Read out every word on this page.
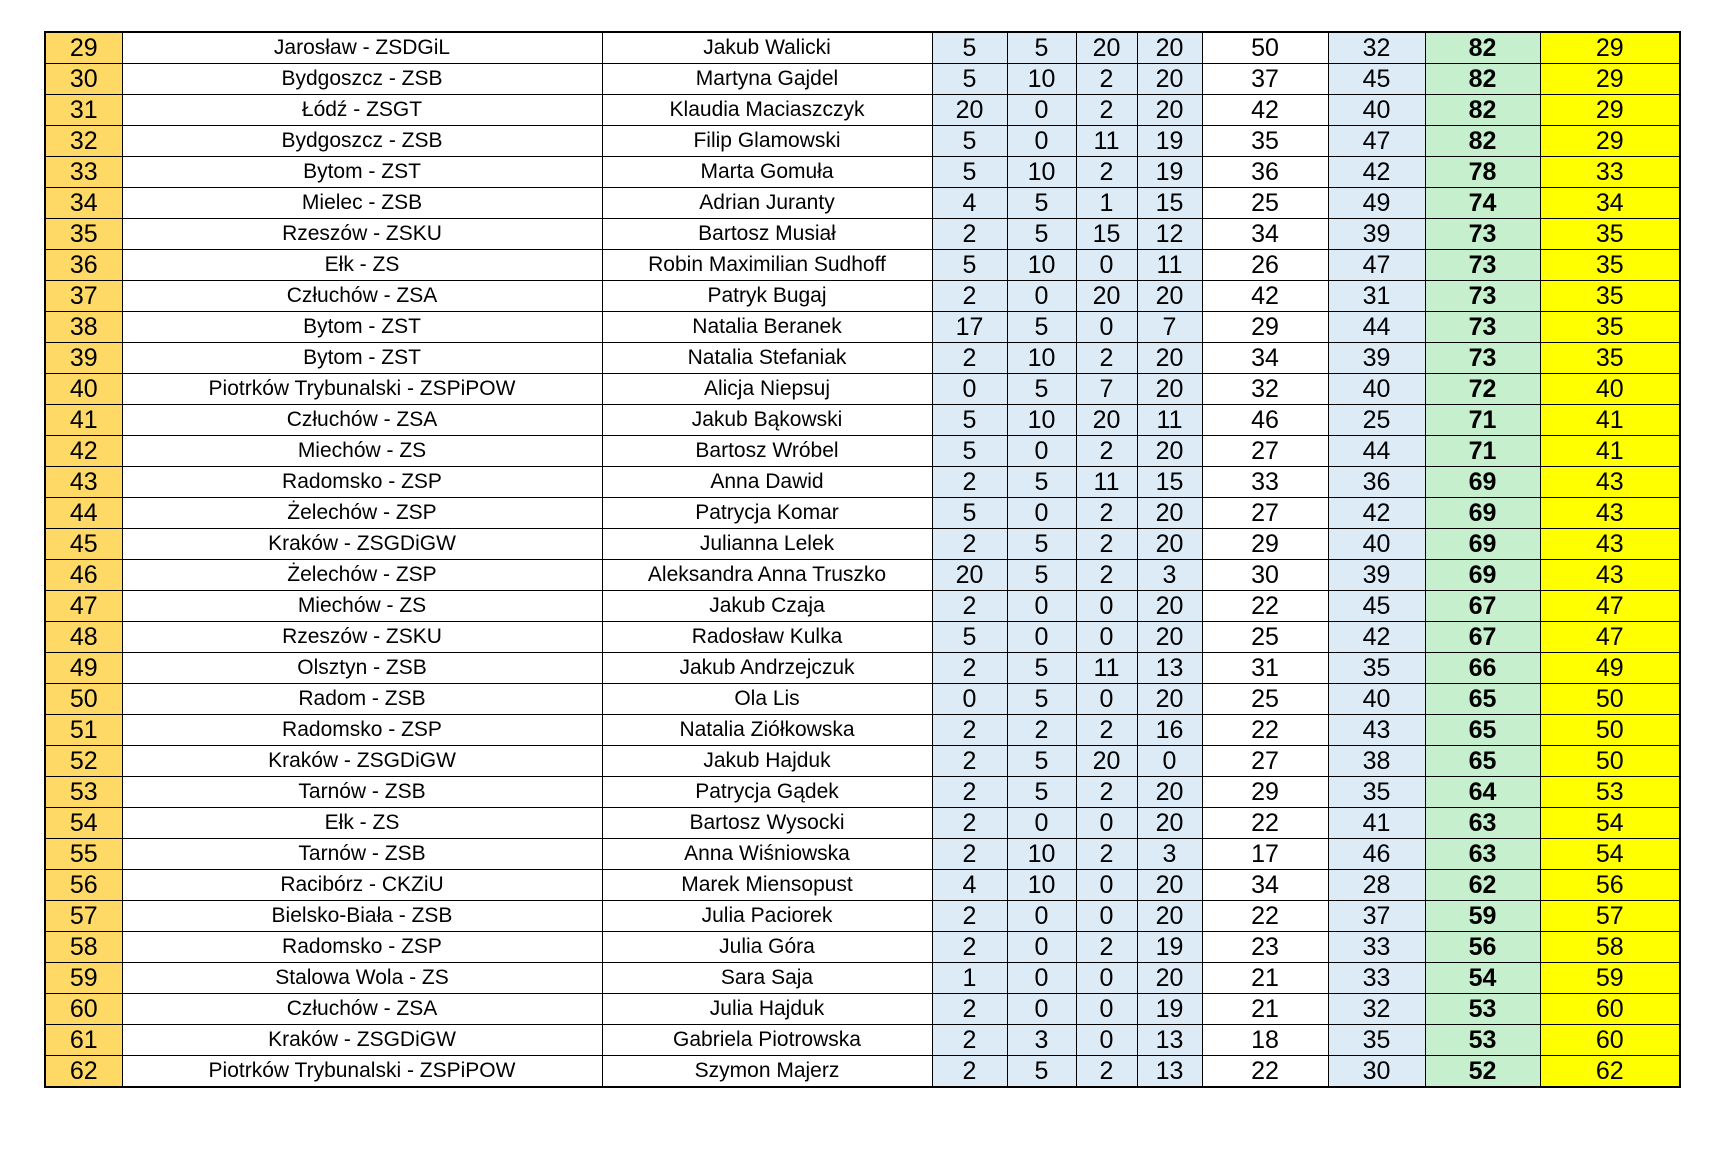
29	Jarosław - ZSDGiL	Jakub Walicki	5	5	20	20	50	32	82	29
30	Bydgoszcz - ZSB	Martyna Gajdel	5	10	2	20	37	45	82	29
31	Łódź - ZSGT	Klaudia Maciaszczyk	20	0	2	20	42	40	82	29
32	Bydgoszcz - ZSB	Filip Glamowski	5	0	11	19	35	47	82	29
33	Bytom - ZST	Marta Gomuła	5	10	2	19	36	42	78	33
34	Mielec - ZSB	Adrian Juranty	4	5	1	15	25	49	74	34
35	Rzeszów - ZSKU	Bartosz Musiał	2	5	15	12	34	39	73	35
36	Ełk - ZS	Robin Maximilian Sudhoff	5	10	0	11	26	47	73	35
37	Człuchów - ZSA	Patryk Bugaj	2	0	20	20	42	31	73	35
38	Bytom - ZST	Natalia Beranek	17	5	0	7	29	44	73	35
39	Bytom - ZST	Natalia Stefaniak	2	10	2	20	34	39	73	35
40	Piotrków Trybunalski - ZSPiPOW	Alicja Niepsuj	0	5	7	20	32	40	72	40
41	Człuchów - ZSA	Jakub Bąkowski	5	10	20	11	46	25	71	41
42	Miechów - ZS	Bartosz Wróbel	5	0	2	20	27	44	71	41
43	Radomsko - ZSP	Anna Dawid	2	5	11	15	33	36	69	43
44	Żelechów - ZSP	Patrycja Komar	5	0	2	20	27	42	69	43
45	Kraków - ZSGDiGW	Julianna Lelek	2	5	2	20	29	40	69	43
46	Żelechów - ZSP	Aleksandra Anna Truszko	20	5	2	3	30	39	69	43
47	Miechów - ZS	Jakub Czaja	2	0	0	20	22	45	67	47
48	Rzeszów - ZSKU	Radosław Kulka	5	0	0	20	25	42	67	47
49	Olsztyn - ZSB	Jakub Andrzejczuk	2	5	11	13	31	35	66	49
50	Radom - ZSB	Ola Lis	0	5	0	20	25	40	65	50
51	Radomsko - ZSP	Natalia Ziółkowska	2	2	2	16	22	43	65	50
52	Kraków - ZSGDiGW	Jakub Hajduk	2	5	20	0	27	38	65	50
53	Tarnów - ZSB	Patrycja Gądek	2	5	2	20	29	35	64	53
54	Ełk - ZS	Bartosz Wysocki	2	0	0	20	22	41	63	54
55	Tarnów - ZSB	Anna Wiśniowska	2	10	2	3	17	46	63	54
56	Racibórz - CKZiU	Marek Miensopust	4	10	0	20	34	28	62	56
57	Bielsko-Biała - ZSB	Julia Paciorek	2	0	0	20	22	37	59	57
58	Radomsko - ZSP	Julia Góra	2	0	2	19	23	33	56	58
59	Stalowa Wola - ZS	Sara Saja	1	0	0	20	21	33	54	59
60	Człuchów - ZSA	Julia Hajduk	2	0	0	19	21	32	53	60
61	Kraków - ZSGDiGW	Gabriela Piotrowska	2	3	0	13	18	35	53	60
62	Piotrków Trybunalski - ZSPiPOW	Szymon Majerz	2	5	2	13	22	30	52	62
